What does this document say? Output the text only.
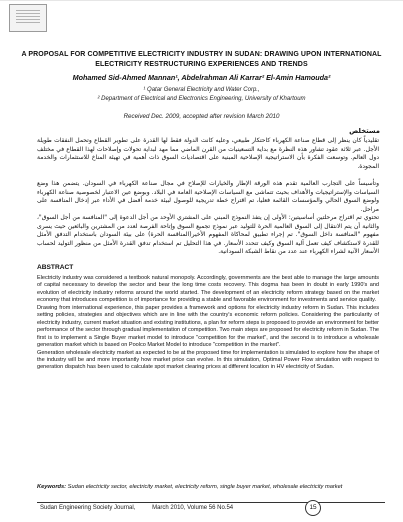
A PROPOSAL FOR COMPETITIVE ELECTRICITY INDUSTRY IN SUDAN: DRAWING UPON INTERNATIONAL ELECTRICITY RESTRUCTURING EXPERIENCES AND TRENDS
Mohamed Sid-Ahmed Mannan¹, Abdelrahman Ali Karrar² El-Amin Hamouda²
¹ Qatar General Electricity and Water Corp.,
² Department of Electrical and Electronics Engineering, University of Khartoum
Received Dec. 2009, accepted after revision March 2010
مستخلص
تقليدياً كان ينظر إلى قطاع صناعة الكهرباء كاحتكار طبيعي، وعليه كانت الدولة فقط لها القدرة على تطوير القطاع وتحمل النفقات طويلة الأجل. عبر ثلاثة عقود تشاور هذه النظرة مع بداية التسعينيات من القرن الماضي مما مهد لبداية تحولات وإصلاحات لهذا القطاع في مختلف دول العالم. وتوسعت الفكرة بأن الاستراتيجية الإصلاحية المبنية على اقتصاديات السوق ذات أهمية في تهيئة المناخ للاستثمارات والخدمة المجودة.
وتأسيساً على التجارب العالمية تقدم هذه الورقة الإطار والخيارات للإصلاح في مجال صناعة الكهرباء في السودان. يتضمن هذا وضع السياسات والإستراتيجيات والأهداف بحيث تتماشى مع السياسات الإصلاحية العامة في البلاد. وبوضع عين الاعتبار لخصوصية صناعة الكهرباء ولوضع السوق الحالي والمؤسسات القائمة فعليا، تم اقتراح خطة تدريجية للوصول لبيئة خدمة أفضل في الأداء عبر إدخال المنافسة على مراحل.
تحتوي تم اقتراح مرحلتين أساسيتين: الأولى إن يتفذ النموذج المبني على المشتري الأوحد من أجل الدعوة إلى "المنافسة من أجل السوق"، والثانية أن يتم الانتقال إلى السوق العالمية الحرة للتوليد عبر نموذج تجميع السوق وإتاحة الفرصة لعدد من المشترين والبائعين حيث يسرى مفهوم "المنافسة داخل السوق". تم إجراء تطبيق لمحاكاة المفهوم الأخير(المناقسة الحرة) على بيئة السودان باستخدام التدفق الأمثل للقدرة لاستكشاف كيف تعمل آلية السوق وكيف تتحدد الأسعار. في هذا التحليل تم استخدام تدفق القدرة الأمثل من منظور التوليد لحساب الأسعار الآنية لشراء الكهرباء عند عدد من نقاط الشبكة السودانية.
ABSTRACT
Electricity industry was considered a textbook natural monopoly. Accordingly, governments are the best able to manage the large amounts of capital necessary to develop the sector and bear the long time costs recovery. This dogma has been in doubt in early 1990's and evolution of electricity industry reforms around the world started. The development of an electricity reform strategy based on the market economy that introduces competition is of importance for providing a stable and favorable environment for investments and service quality.
Drawing from international experience, this paper provides a framework and options for electricity industry reform in Sudan. This includes setting policies, strategies and objectives which are in line with the country's economic reform policies. Considering the particularity of electricity industry, current market situation and existing institutions, a plan for reform steps is proposed to provide an environment for better performance of the sector through gradual implementation of competition. Two main steps are proposed for electricity reform in Sudan. The first is to implement a Single Buyer market model to introduce "competition for the market", and the second is to introduce a wholesale generation market which is based on Poolco Market Model to introduce "competition in the market".
Generation wholesale electricity market as expected to be at the proposed time for implementation is simulated to explore how the shape of the industry will be and more importantly how market price can evolve. In this simulation, Optimal Power Flow simulation with respect to generation dispatch has been used to calculate spot market clearing prices at different location in HV electricity of Sudan.
Keywords: Sudan electricity sector, electricity market, electricity reform, single buyer market, wholesale electricity market
Sudan Engineering Society Journal,	March 2010, Volume 56 No.54	15
